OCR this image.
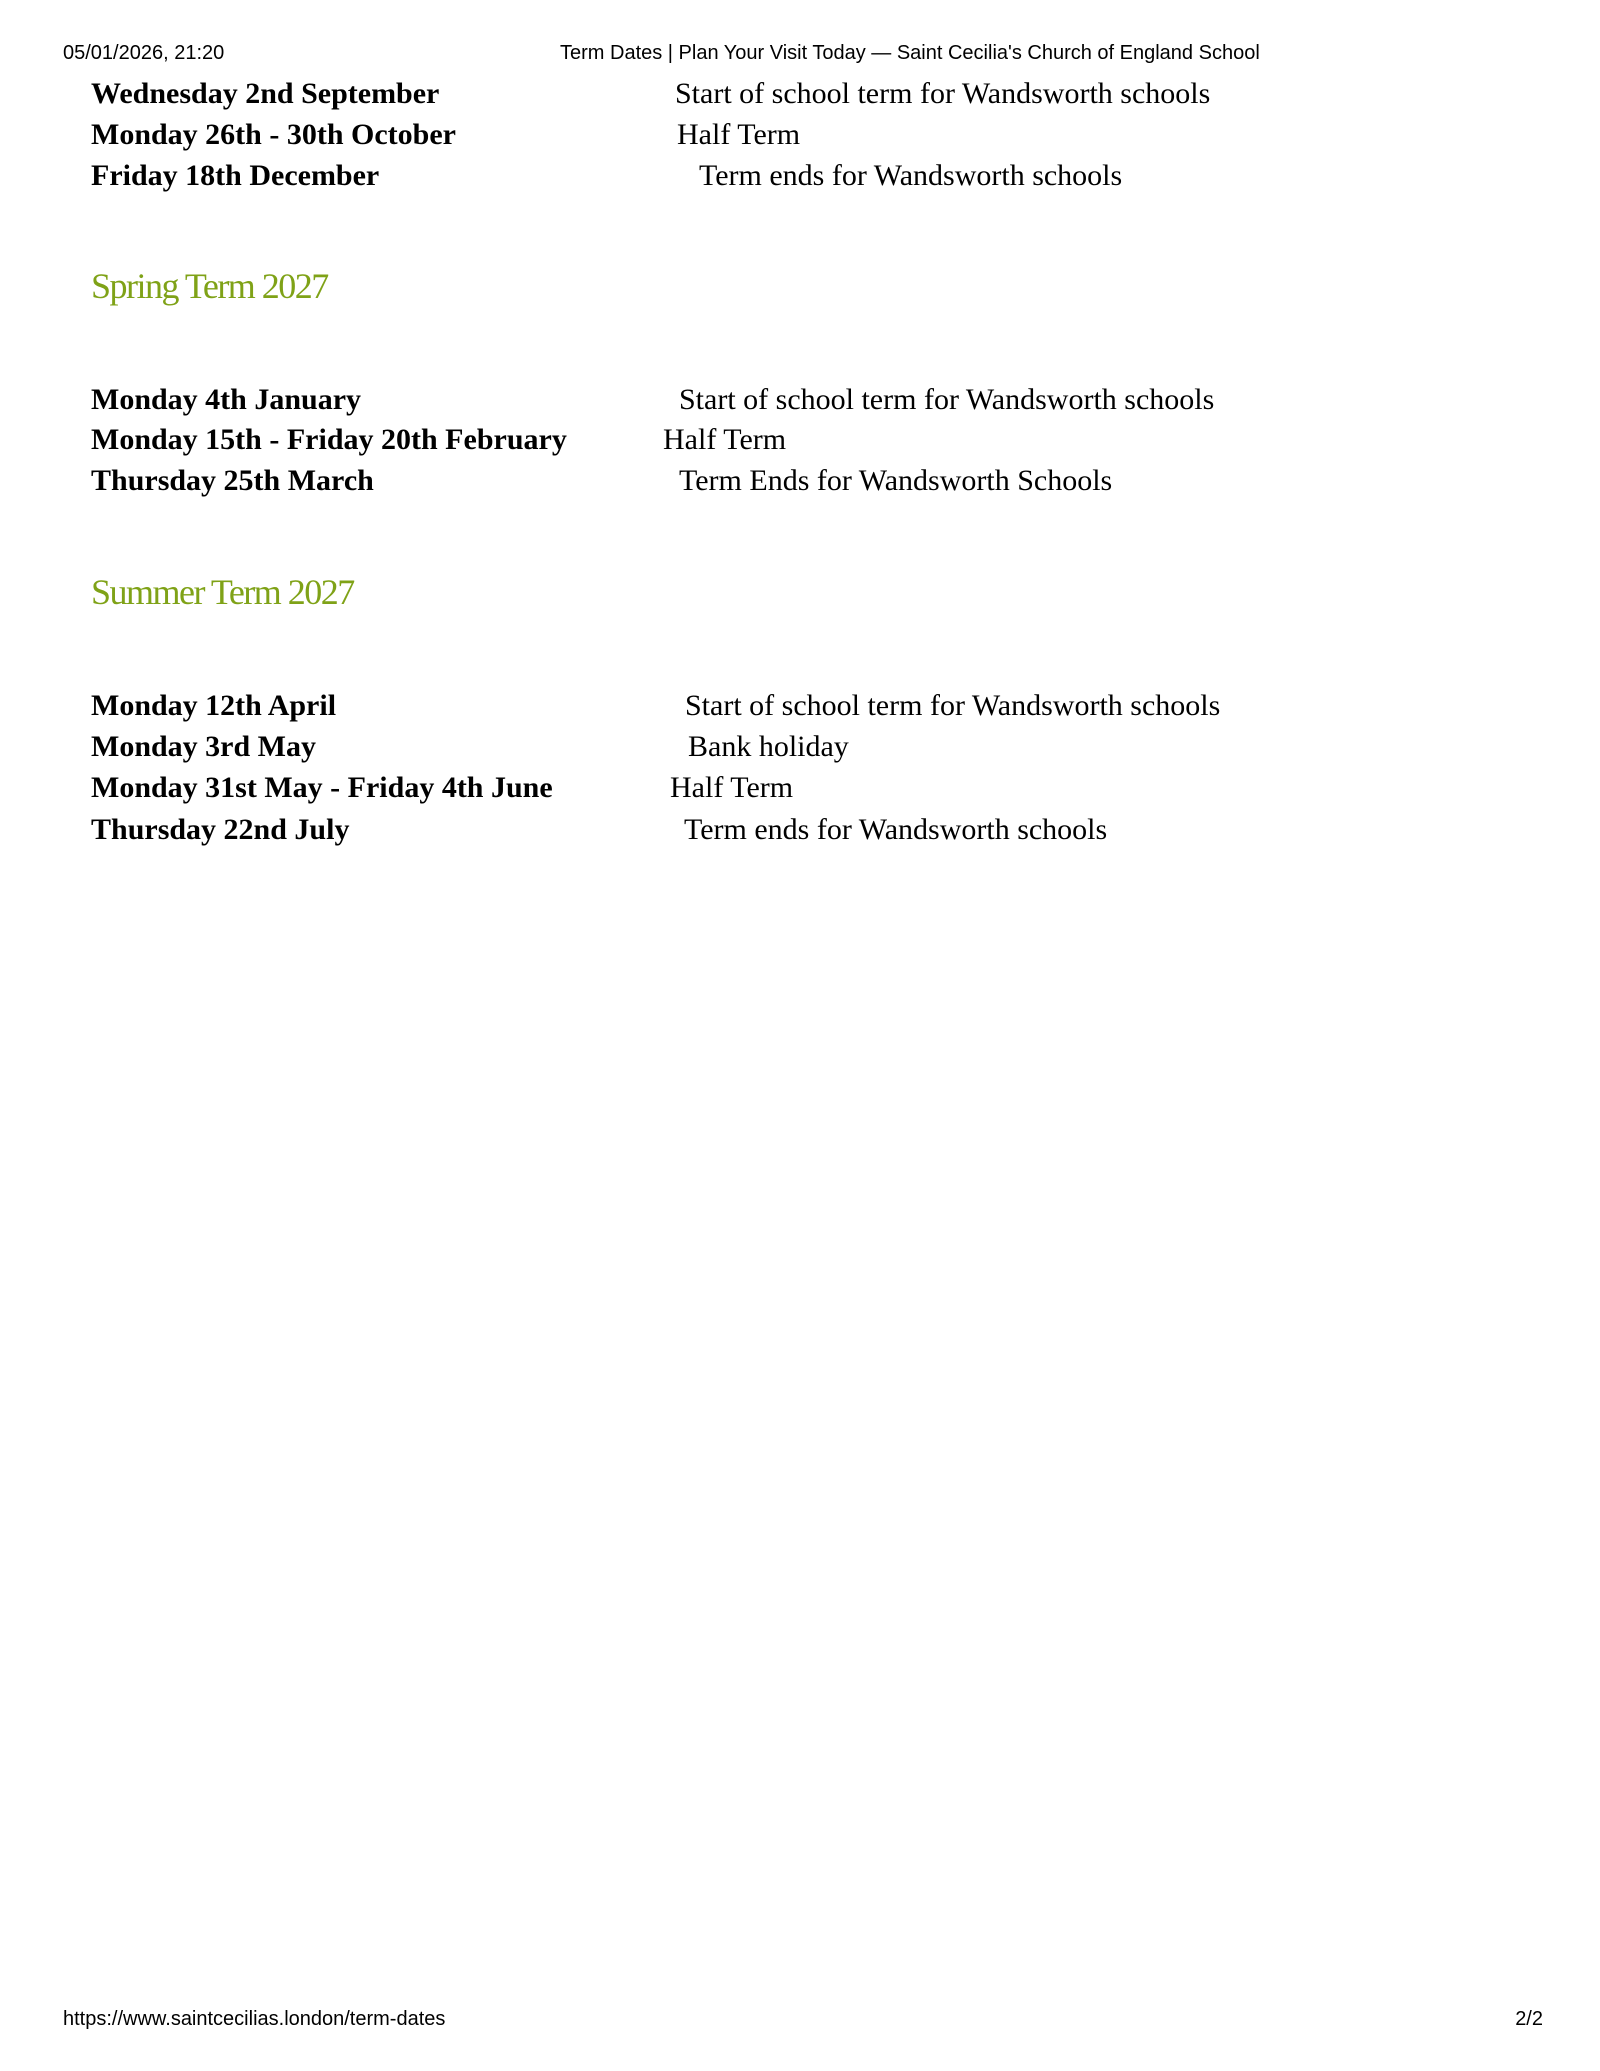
05/01/2026, 21:20	Term Dates | Plan Your Visit Today — Saint Cecilia's Church of England School
Wednesday 2nd September	Start of school term for Wandsworth schools
Monday 26th - 30th October	Half Term
Friday 18th December	Term ends for Wandsworth schools
Spring Term 2027
Monday 4th January	Start of school term for Wandsworth schools
Monday 15th - Friday 20th February	Half Term
Thursday 25th March	Term Ends for Wandsworth Schools
Summer Term 2027
Monday 12th April	Start of school term for Wandsworth schools
Monday 3rd May	Bank holiday
Monday 31st May - Friday 4th June	Half Term
Thursday 22nd July	Term ends for Wandsworth schools
https://www.saintcecilias.london/term-dates	2/2
